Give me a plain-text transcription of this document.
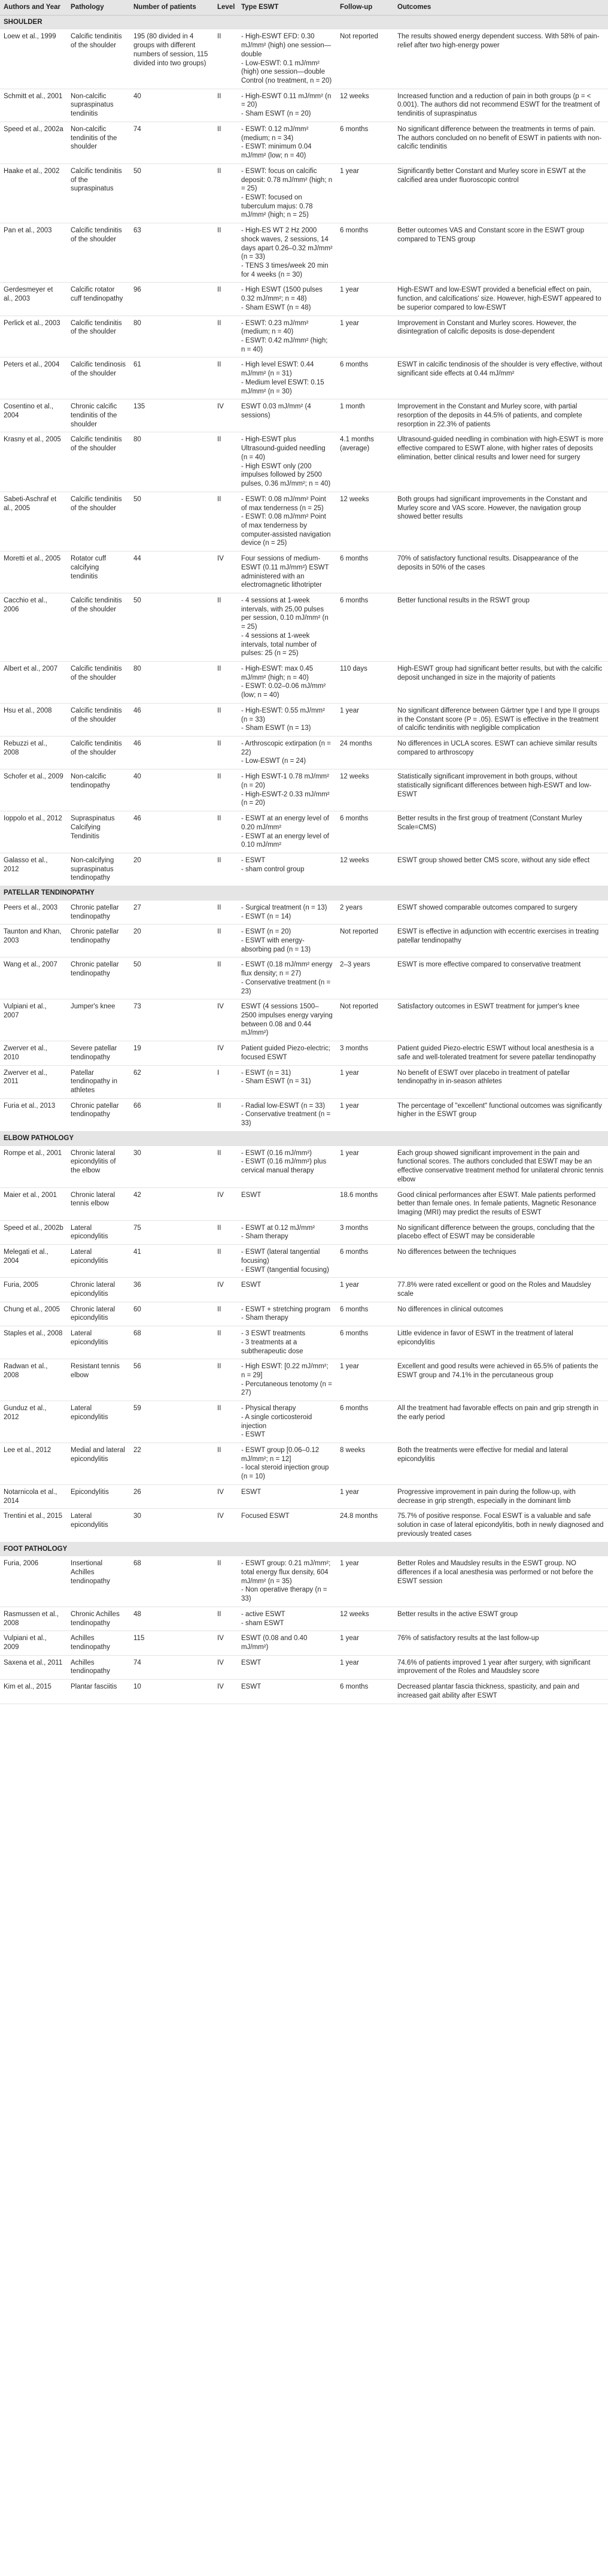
Authors and Year	Pathology	Number of patients	Level	Type ESWT	Follow-up	Outcomes
SHOULDER						
Loew et al., 1999	Calcific tendinitis of the shoulder	195 (80 divided in 4 groups with different numbers of session, 115 divided into two groups)	II	- High-ESWT EFD: 0.30 mJ/mm² (high) one session—double
- Low-ESWT: 0.1 mJ/mm² (high) one session—double
Control (no treatment, n = 20)	Not reported	The results showed energy dependent success. With 58% of pain-relief after two high-energy power
Schmitt et al., 2001	Non-calcific supraspinatus tendinitis	40	II	- High-ESWT 0.11 mJ/mm² (n = 20)
- Sham ESWT (n = 20)	12 weeks	Increased function and a reduction of pain in both groups (p = < 0.001). The authors did not recommend ESWT for the treatment of tendinitis of supraspinatus
Speed et al., 2002a	Non-calcific tendinitis of the shoulder	74	II	- ESWT: 0.12 mJ/mm² (medium; n = 34)
- ESWT: minimum 0.04 mJ/mm² (low; n = 40)	6 months	No significant difference between the treatments in terms of pain. The authors concluded on no benefit of ESWT in patients with non-calcific tendinitis
Haake et al., 2002	Calcific tendinitis of the supraspinatus	50	II	- ESWT: focus on calcific deposit: 0.78 mJ/mm² (high; n = 25)
- ESWT: focused on tuberculum majus: 0.78 mJ/mm² (high; n = 25)	1 year	Significantly better Constant and Murley score in ESWT at the calcified area under fluoroscopic control
Pan et al., 2003	Calcific tendinitis of the shoulder	63	II	- High-ES WT 2 Hz 2000 shock waves, 2 sessions, 14 days apart 0.26–0.32 mJ/mm² (n = 33)
- TENS 3 times/week 20 min for 4 weeks (n = 30)	6 months	Better outcomes VAS and Constant score in the ESWT group compared to TENS group
Gerdesmeyer et al., 2003	Calcific rotator cuff tendinopathy	96	II	- High ESWT (1500 pulses 0.32 mJ/mm²; n = 48)
- Sham ESWT (n = 48)	1 year	High-ESWT and low-ESWT provided a beneficial effect on pain, function, and calcifications' size. However, high-ESWT appeared to be superior compared to low-ESWT
Perlick et al., 2003	Calcific tendinitis of the shoulder	80	II	- ESWT: 0.23 mJ/mm² (medium; n = 40)
- ESWT: 0.42 mJ/mm² (high; n = 40)	1 year	Improvement in Constant and Murley scores. However, the disintegration of calcific deposits is dose-dependent
Peters et al., 2004	Calcific tendinosis of the shoulder	61	II	- High level ESWT: 0.44 mJ/mm² (n = 31)
- Medium level ESWT: 0.15 mJ/mm² (n = 30)	6 months	ESWT in calcific tendinosis of the shoulder is very effective, without significant side effects at 0.44 mJ/mm²
Cosentino et al., 2004	Chronic calcific tendinitis of the shoulder	135	IV	ESWT 0.03 mJ/mm² (4 sessions)	1 month	Improvement in the Constant and Murley score, with partial resorption of the deposits in 44.5% of patients, and complete resorption in 22.3% of patients
Krasny et al., 2005	Calcific tendinitis of the shoulder	80	II	- High-ESWT plus Ultrasound-guided needling (n = 40)
- High ESWT only (200 impulses followed by 2500 pulses, 0.36 mJ/mm²; n = 40)	4.1 months (average)	Ultrasound-guided needling in combination with high-ESWT is more effective compared to ESWT alone, with higher rates of deposits elimination, better clinical results and lower need for surgery
Sabeti-Aschraf et al., 2005	Calcific tendinitis of the shoulder	50	II	- ESWT: 0.08 mJ/mm² Point of max tenderness (n = 25)
- ESWT: 0.08 mJ/mm² Point of max tenderness by computer-assisted navigation device (n = 25)	12 weeks	Both groups had significant improvements in the Constant and Murley score and VAS score. However, the navigation group showed better results
Moretti et al., 2005	Rotator cuff calcifying tendinitis	44	IV	Four sessions of medium-ESWT (0.11 mJ/mm²) ESWT administered with an electromagnetic lithotripter	6 months	70% of satisfactory functional results. Disappearance of the deposits in 50% of the cases
Cacchio et al., 2006	Calcific tendinitis of the shoulder	50	II	- 4 sessions at 1-week intervals, with 25,00 pulses per session, 0.10 mJ/mm² (n = 25)
- 4 sessions at 1-week intervals, total number of pulses: 25 (n = 25)	6 months	Better functional results in the RSWT group
Albert et al., 2007	Calcific tendinitis of the shoulder	80	II	- High-ESWT: max 0.45 mJ/mm² (high; n = 40)
- ESWT: 0.02–0.06 mJ/mm² (low; n = 40)	110 days	High-ESWT group had significant better results, but with the calcific deposit unchanged in size in the majority of patients
Hsu et al., 2008	Calcific tendinitis of the shoulder	46	II	- High-ESWT: 0.55 mJ/mm² (n = 33)
- Sham ESWT (n = 13)	1 year	No significant difference between Gärtner type I and type II groups in the Constant score (P = .05). ESWT is effective in the treatment of calcific tendinitis with negligible complication
Rebuzzi et al., 2008	Calcific tendinitis of the shoulder	46	II	- Arthroscopic extirpation (n = 22)
- Low-ESWT (n = 24)	24 months	No differences in UCLA scores. ESWT can achieve similar results compared to arthroscopy
Schofer et al., 2009	Non-calcific tendinopathy	40	II	- High ESWT-1 0.78 mJ/mm² (n = 20)
- High-ESWT-2 0.33 mJ/mm² (n = 20)	12 weeks	Statistically significant improvement in both groups, without statistically significant differences between high-ESWT and low-ESWT
Ioppolo et al., 2012	Supraspinatus Calcifying Tendinitis	46	II	- ESWT at an energy level of 0.20 mJ/mm²
- ESWT at an energy level of 0.10 mJ/mm²	6 months	Better results in the first group of treatment (Constant Murley Scale=CMS)
Galasso et al., 2012	Non-calcifying supraspinatus tendinopathy	20	II	- ESWT
- sham control group	12 weeks	ESWT group showed better CMS score, without any side effect
PATELLAR TENDINOPATHY						
Peers et al., 2003	Chronic patellar tendinopathy	27	II	- Surgical treatment (n = 13)
- ESWT (n = 14)	2 years	ESWT showed comparable outcomes compared to surgery
Taunton and Khan, 2003	Chronic patellar tendinopathy	20	II	- ESWT (n = 20)
- ESWT with energy-absorbing pad (n = 13)	Not reported	ESWT is effective in adjunction with eccentric exercises in treating patellar tendinopathy
Wang et al., 2007	Chronic patellar tendinopathy	50	II	- ESWT (0.18 mJ/mm² energy flux density; n = 27)
- Conservative treatment (n = 23)	2–3 years	ESWT is more effective compared to conservative treatment
Vulpiani et al., 2007	Jumper's knee	73	IV	ESWT (4 sessions 1500–2500 impulses energy varying between 0.08 and 0.44 mJ/mm²)	Not reported	Satisfactory outcomes in ESWT treatment for jumper's knee
Zwerver et al., 2010	Severe patellar tendinopathy	19	IV	Patient guided Piezo-electric; focused ESWT	3 months	Patient guided Piezo-electric ESWT without local anesthesia is a safe and well-tolerated treatment for severe patellar tendinopathy
Zwerver et al., 2011	Patellar tendinopathy in athletes	62	I	- ESWT (n = 31)
- Sham ESWT (n = 31)	1 year	No benefit of ESWT over placebo in treatment of patellar tendinopathy in in-season athletes
Furia et al., 2013	Chronic patellar tendinopathy	66	II	- Radial low-ESWT (n = 33)
- Conservative treatment (n = 33)	1 year	The percentage of "excellent" functional outcomes was significantly higher in the ESWT group
ELBOW PATHOLOGY						
Rompe et al., 2001	Chronic lateral epicondylitis of the elbow	30	II	- ESWT (0.16 mJ/mm²)
- ESWT (0.16 mJ/mm²) plus cervical manual therapy	1 year	Each group showed significant improvement in the pain and functional scores. The authors concluded that ESWT may be an effective conservative treatment method for unilateral chronic tennis elbow
Maier et al., 2001	Chronic lateral tennis elbow	42	IV	ESWT	18.6 months	Good clinical performances after ESWT. Male patients performed better than female ones. In female patients, Magnetic Resonance Imaging (MRI) may predict the results of ESWT
Speed et al., 2002b	Lateral epicondylitis	75	II	- ESWT at 0.12 mJ/mm²
- Sham therapy	3 months	No significant difference between the groups, concluding that the placebo effect of ESWT may be considerable
Melegati et al., 2004	Lateral epicondylitis	41	II	- ESWT (lateral tangential focusing)
- ESWT (tangential focusing)	6 months	No differences between the techniques
Furia, 2005	Chronic lateral epicondylitis	36	IV	ESWT	1 year	77.8% were rated excellent or good on the Roles and Maudsley scale
Chung et al., 2005	Chronic lateral epicondylitis	60	II	- ESWT + stretching program
- Sham therapy	6 months	No differences in clinical outcomes
Staples et al., 2008	Lateral epicondylitis	68	II	- 3 ESWT treatments
- 3 treatments at a subtherapeutic dose	6 months	Little evidence in favor of ESWT in the treatment of lateral epicondylitis
Radwan et al., 2008	Resistant tennis elbow	56	II	- High ESWT: [0.22 mJ/mm²; n = 29]
- Percutaneous tenotomy (n = 27)	1 year	Excellent and good results were achieved in 65.5% of patients the ESWT group and 74.1% in the percutaneous group
Gunduz et al., 2012	Lateral epicondylitis	59	II	- Physical therapy
- A single corticosteroid injection
- ESWT	6 months	All the treatment had favorable effects on pain and grip strength in the early period
Lee et al., 2012	Medial and lateral epicondylitis	22	II	- ESWT group [0.06–0.12 mJ/mm²; n = 12]
- local steroid injection group (n = 10)	8 weeks	Both the treatments were effective for medial and lateral epicondylitis
Notarnicola et al., 2014	Epicondylitis	26	IV	ESWT	1 year	Progressive improvement in pain during the follow-up, with decrease in grip strength, especially in the dominant limb
Trentini et al., 2015	Lateral epicondylitis	30	IV	Focused ESWT	24.8 months	75.7% of positive response. Focal ESWT is a valuable and safe solution in case of lateral epicondylitis, both in newly diagnosed and previously treated cases
FOOT PATHOLOGY						
Furia, 2006	Insertional Achilles tendinopathy	68	II	- ESWT group: 0.21 mJ/mm²; total energy flux density, 604 mJ/mm² (n = 35)
- Non operative therapy (n = 33)	1 year	Better Roles and Maudsley results in the ESWT group. NO differences if a local anesthesia was performed or not before the ESWT session
Rasmussen et al., 2008	Chronic Achilles tendinopathy	48	II	- active ESWT
- sham ESWT	12 weeks	Better results in the active ESWT group
Vulpiani et al., 2009	Achilles tendinopathy	115	IV	ESWT (0.08 and 0.40 mJ/mm²)	1 year	76% of satisfactory results at the last follow-up
Saxena et al., 2011	Achilles tendinopathy	74	IV	ESWT	1 year	74.6% of patients improved 1 year after surgery, with significant improvement of the Roles and Maudsley score
Kim et al., 2015	Plantar fasciitis	10	IV	ESWT	6 months	Decreased plantar fascia thickness, spasticity, and pain and increased gait ability after ESWT
